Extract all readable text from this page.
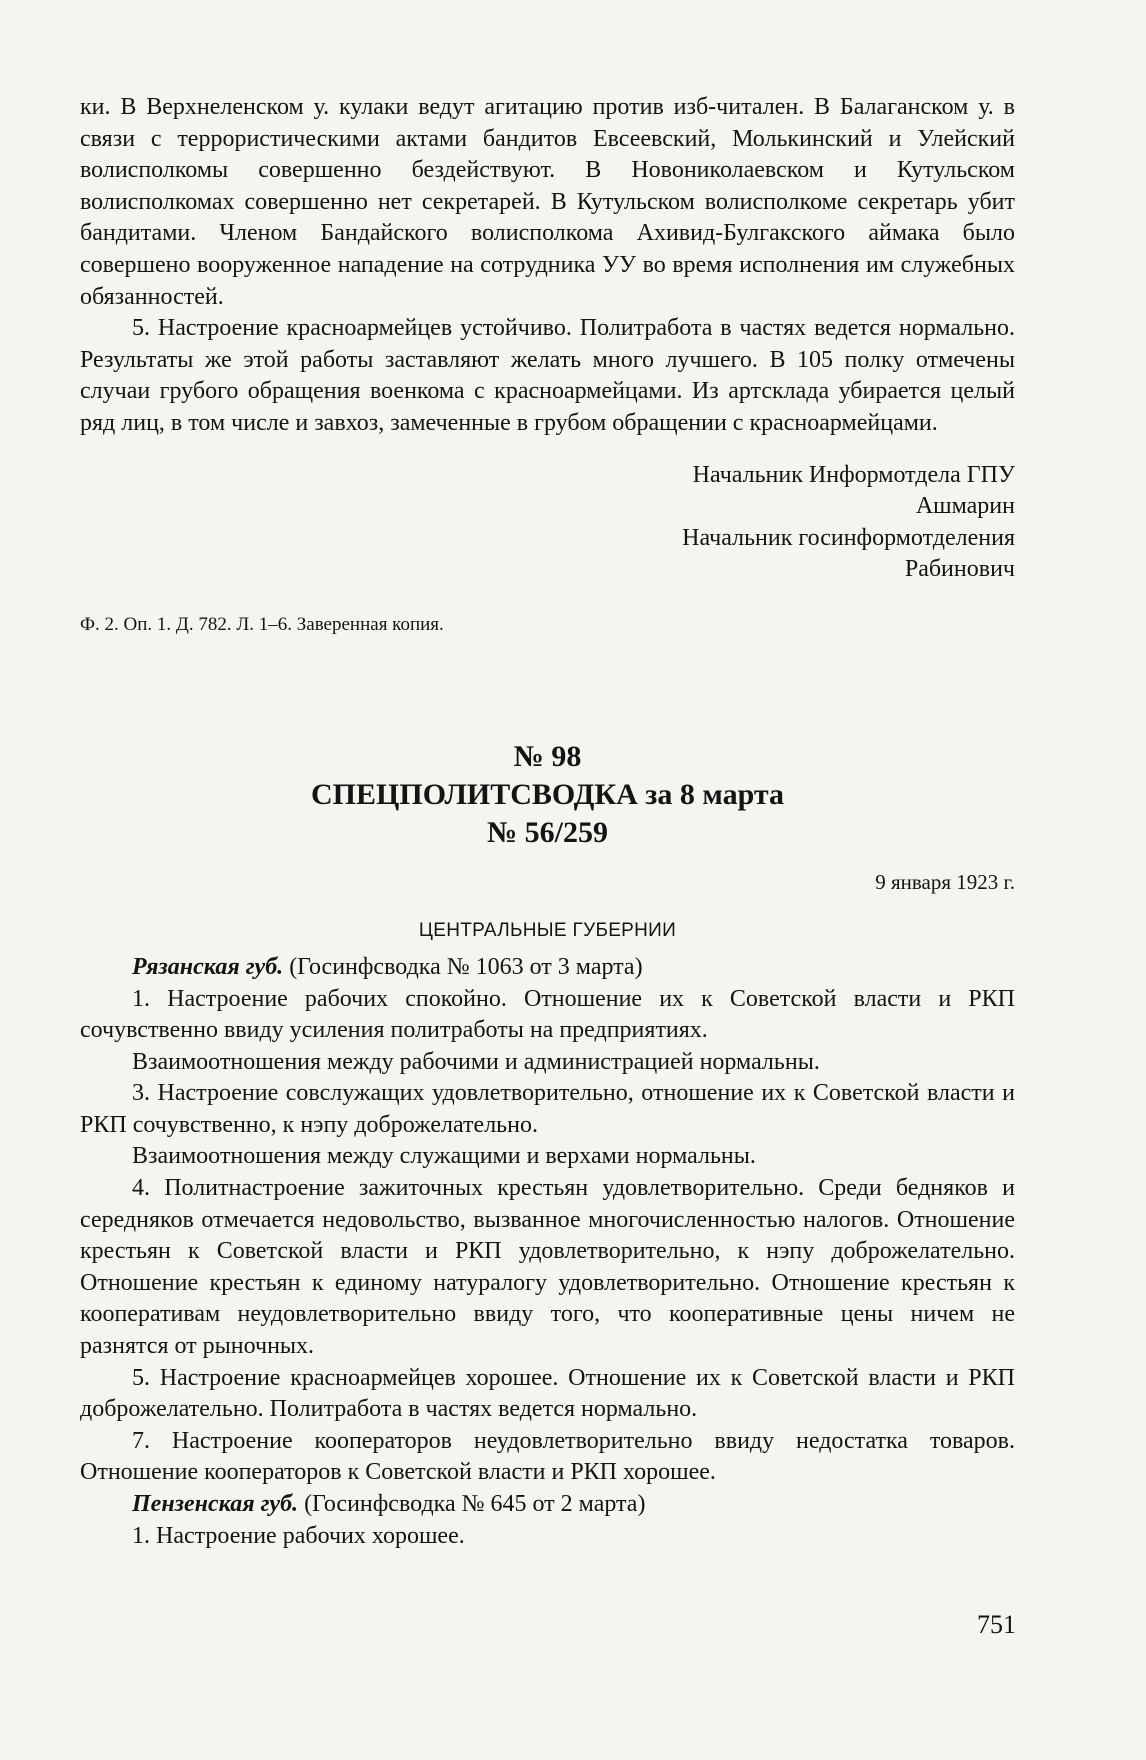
ки. В Верхнеленском у. кулаки ведут агитацию против изб-читален. В Балаганском у. в связи с террористическими актами бандитов Евсеевский, Молькинский и Улейский волисполкомы совершенно бездействуют. В Новониколаевском и Кутульском волисполкомах совершенно нет секретарей. В Кутульском волисполкоме секретарь убит бандитами. Членом Бандайского волисполкома Ахивид-Булгакского аймака было совершено вооруженное нападение на сотрудника УУ во время исполнения им служебных обязанностей.

5. Настроение красноармейцев устойчиво. Политработа в частях ведется нормально. Результаты же этой работы заставляют желать много лучшего. В 105 полку отмечены случаи грубого обращения военкома с красноармейцами. Из артсклада убирается целый ряд лиц, в том числе и завхоз, замеченные в грубом обращении с красноармейцами.

Начальник Информотдела ГПУ

Ашмарин

Начальник госинформотделения

Рабинович

Ф. 2. Оп. 1. Д. 782. Л. 1–6. Заверенная копия.
№ 98
СПЕЦПОЛИТСВОДКА за 8 марта
№ 56/259
9 января 1923 г.
ЦЕНТРАЛЬНЫЕ ГУБЕРНИИ

Рязанская губ. (Госинфсводка № 1063 от 3 марта)

1. Настроение рабочих спокойно. Отношение их к Советской власти и РКП сочувственно ввиду усиления политработы на предприятиях.

Взаимоотношения между рабочими и администрацией нормальны.

3. Настроение совслужащих удовлетворительно, отношение их к Советской власти и РКП сочувственно, к нэпу доброжелательно.

Взаимоотношения между служащими и верхами нормальны.

4. Политнастроение зажиточных крестьян удовлетворительно. Среди бедняков и середняков отмечается недовольство, вызванное многочисленностью налогов. Отношение крестьян к Советской власти и РКП удовлетворительно, к нэпу доброжелательно. Отношение крестьян к единому натуралогу удовлетворительно. Отношение крестьян к кооперативам неудовлетворительно ввиду того, что кооперативные цены ничем не разнятся от рыночных.

5. Настроение красноармейцев хорошее. Отношение их к Советской власти и РКП доброжелательно. Политработа в частях ведется нормально.

7. Настроение кооператоров неудовлетворительно ввиду недостатка товаров. Отношение кооператоров к Советской власти и РКП хорошее.

Пензенская губ. (Госинфсводка № 645 от 2 марта)

1. Настроение рабочих хорошее.

751
